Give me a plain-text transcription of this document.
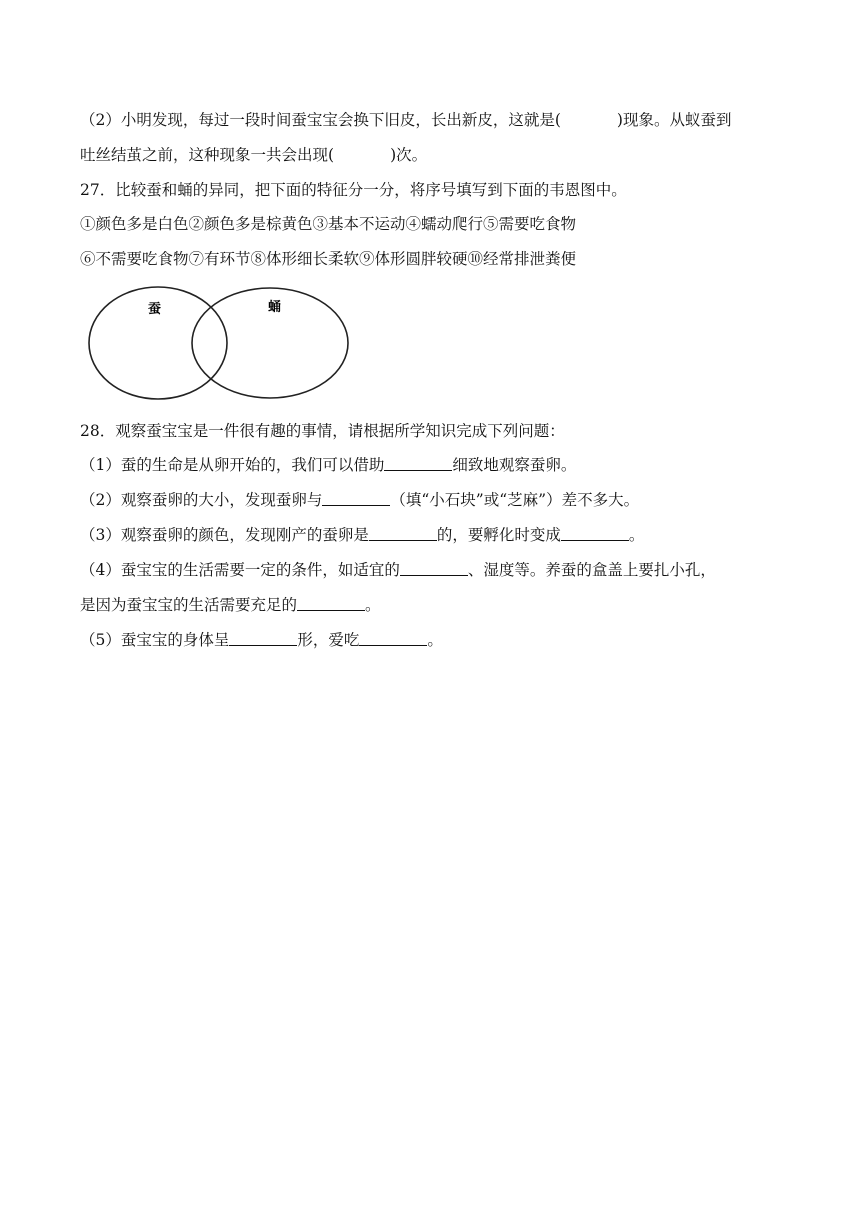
（2）小明发现，每过一段时间蚕宝宝会换下旧皮，长出新皮，这就是(	)现象。从蚁蚕到
吐丝结茧之前，这种现象一共会出现(	)次。
27．比较蚕和蛹的异同，把下面的特征分一分，将序号填写到下面的韦恩图中。
①颜色多是白色②颜色多是棕黄色③基本不运动④蠕动爬行⑤需要吃食物
⑥不需要吃食物⑦有环节⑧体形细长柔软⑨体形圆胖较硬⑩经常排泄粪便
蚕	蛹
28．观察蚕宝宝是一件很有趣的事情，请根据所学知识完成下列问题：
（1）蚕的生命是从卵开始的，我们可以借助	细致地观察蚕卵。
（2）观察蚕卵的大小，发现蚕卵与	（填“小石块”或“芝麻”）差不多大。
（3）观察蚕卵的颜色，发现刚产的蚕卵是	的，要孵化时变成	。
（4）蚕宝宝的生活需要一定的条件，如适宜的	、湿度等。养蚕的盒盖上要扎小孔，
是因为蚕宝宝的生活需要充足的	。
（5）蚕宝宝的身体呈	形，爱吃	。
